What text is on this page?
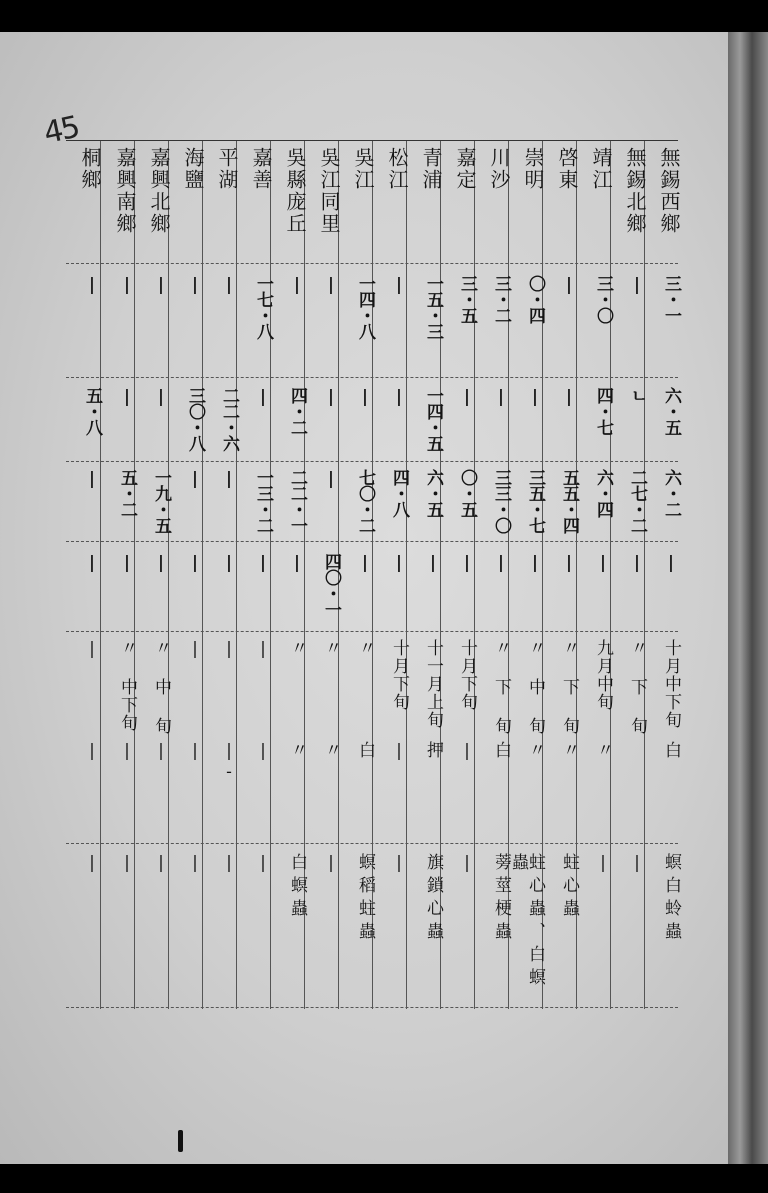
45
無錫西鄉
三・一
六・五
六・二
|
十月中下旬
白
螟白蛉蟲
無錫北鄉
|
ㄴ
二七・二
|
〃 下 旬
|
靖江
三・〇
四・七
六・四
|
九月中旬
〃
|
啓東
|
|
五五・四
|
〃 下 旬
〃
蛀心蟲
崇明
〇・四
|
三五・七
|
〃 中 旬
〃
蛀心蟲、白螟蟲
川沙
三・二
|
三三・〇
|
〃 下 旬
白
蒡莖梗蟲
嘉定
三・五
|
〇・五
|
十月下旬
|
|
青浦
一五・三
一四・五
六・五
|
十一月上旬
押
旗鎖心蟲
松江
|
|
四・八
|
十月下旬
|
|
吳江
一四・八
|
七〇・二
|
〃
白
螟稻蛀蟲
吳江同里
|
|
|
四〇・一
〃
〃
|
吳縣庞丘
|
四・二
二二・一
|
〃
〃
白螟蟲
嘉善
一七・八
|
一三・二
|
|
|
|
平湖
|
二二・六
|
|
|
|-
|
海鹽
|
三〇・八
|
|
|
|
|
嘉興北鄉
|
|
一九・五
|
〃 中 旬
|
|
嘉興南鄉
|
|
五・二
|
〃 中下旬
|
|
桐鄉
|
五・八
|
|
|
|
|
